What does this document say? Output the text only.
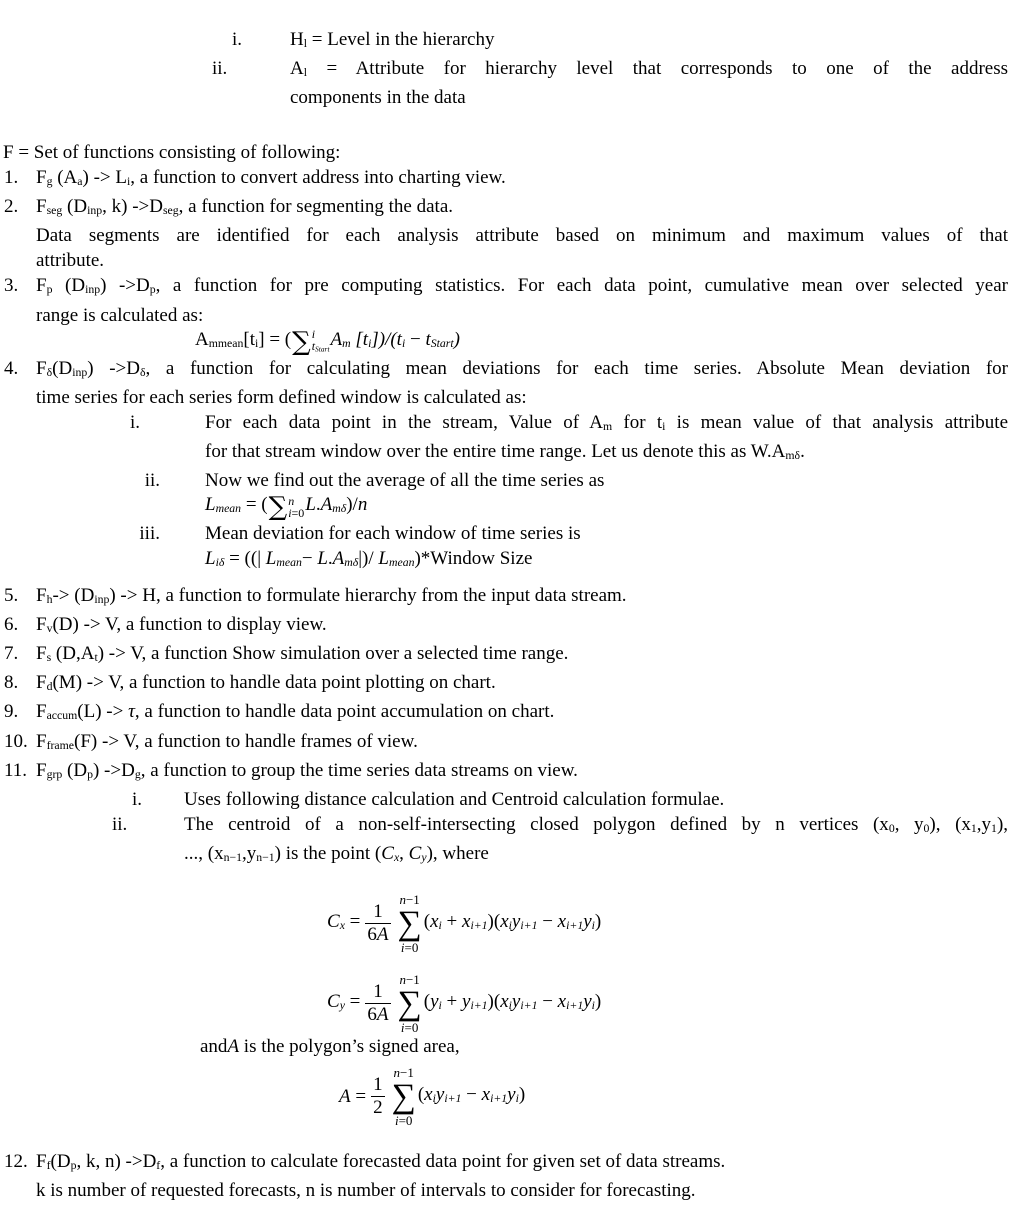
i.	Hl = Level in the hierarchy
ii.	Al = Attribute for hierarchy level that corresponds to one of the address
components in the data
F = Set of functions consisting of following:
1. Fg (Aa) -> Li, a function to convert address into charting view.
2. Fseg (Dinp, k) ->Dseg, a function for segmenting the data.
Data segments are identified for each analysis attribute based on minimum and maximum values of that
attribute.
3. Fp (Dinp) ->Dp, a function for pre computing statistics. For each data point, cumulative mean over selected year
range is calculated as:
Ammean[ti] = ( ∑ i
tStart Am [ti])/(ti − tStart)
4. Fδ(Dinp) ->Dδ, a function for calculating mean deviations for each time series. Absolute Mean deviation for
time series for each series form defined window is calculated as:
i.	For each data point in the stream, Value of Am for ti is mean value of that analysis attribute
for that stream window over the entire time range. Let us denote this as W.Amδ.
ii. Now we find out the average of all the time series as
Lmean = ( ∑ n
i=0 L.Amδ)/n
iii. Mean deviation for each window of time series is
Liδ = ((| Lmean− L.Amδ|)/ Lmean)*Window Size
5. Fh-> (Dinp) -> H, a function to formulate hierarchy from the input data stream.
6. Fv(D) -> V, a function to display view.
7. Fs (D,At) -> V, a function Show simulation over a selected time range.
8. Fd(M) -> V, a function to handle data point plotting on chart.
9. Faccum(L) -> τ, a function to handle data point accumulation on chart.
10. Fframe(F) -> V, a function to handle frames of view.
11. Fgrp (Dp) ->Dg, a function to group the time series data streams on view.
i. Uses following distance calculation and Centroid calculation formulae.
ii.	The centroid of a non-self-intersecting closed polygon defined by n vertices (x0, y0), (x1,y1),
..., (xn−1,yn−1) is the point (Cx, Cy), where
$Cx = \frac{1}{6A}$
n−1
∑
i=0
(xi + xi+1)(xiyi+1 − xi+1yi)
$Cy = \frac{1}{6A}$
n−1
∑
i=0
(yi + yi+1)(xiyi+1 − xi+1yi)
andA is the polygon’s signed area,
$A = \frac{1}{2}$
n−1
∑
i=0
(xiyi+1 − xi+1yi)
12. Ff(Dp, k, n) ->Df, a function to calculate forecasted data point for given set of data streams.
k is number of requested forecasts, n is number of intervals to consider for forecasting.
